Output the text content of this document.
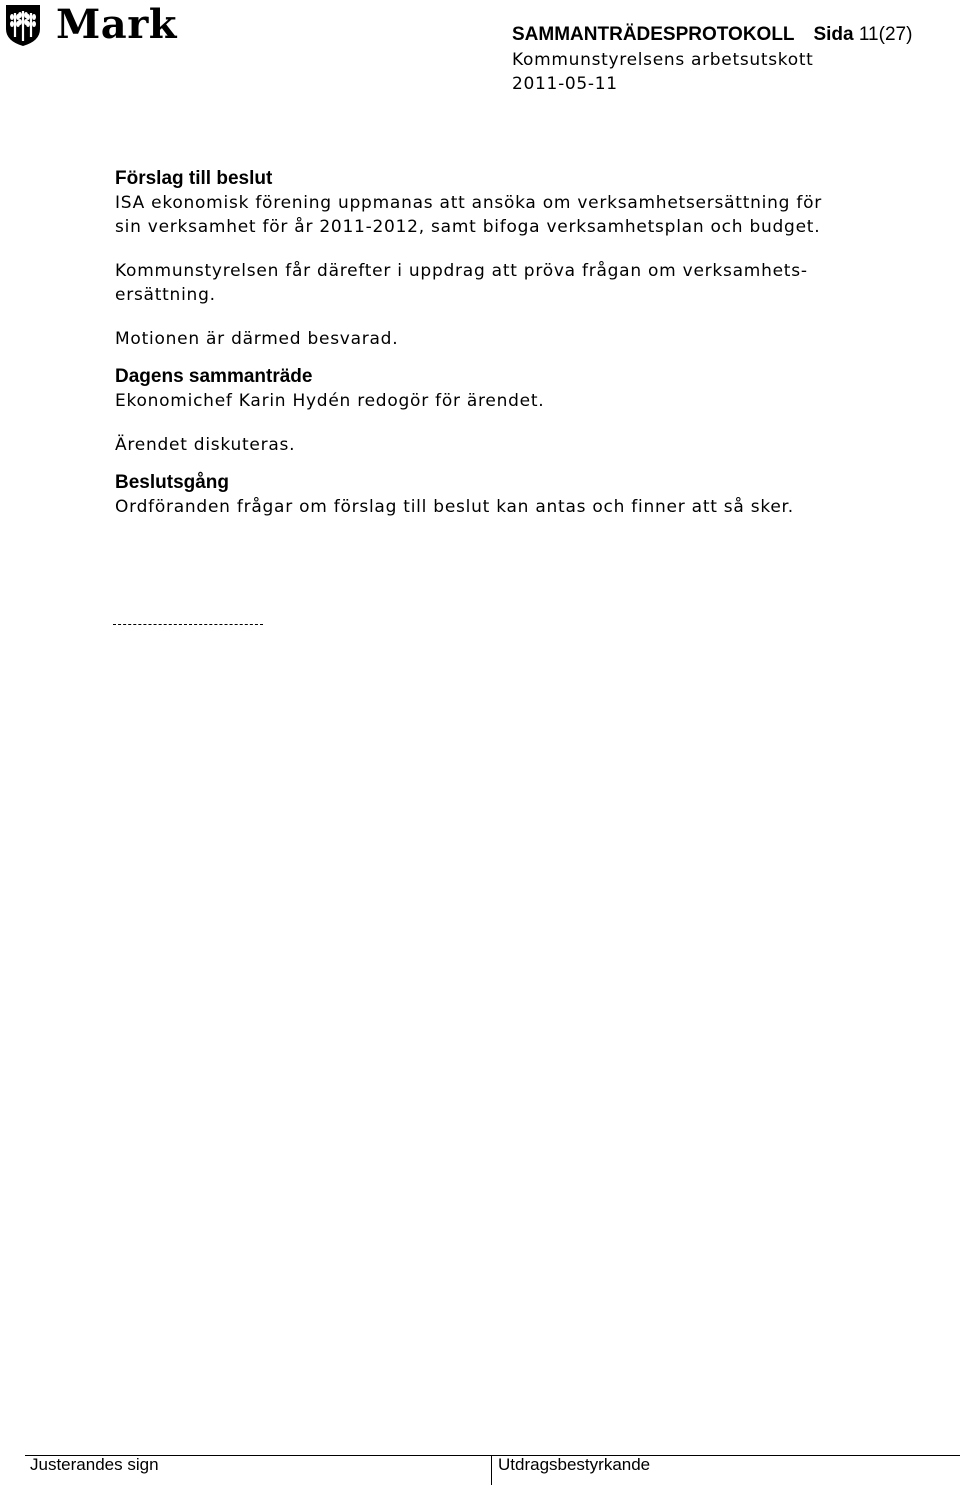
Mark	SAMMANTRÄDESPROTOKOLL Sida 11(27)
Kommunstyrelsens arbetsutskott
2011-05-11
Förslag till beslut
ISA ekonomisk förening uppmanas att ansöka om verksamhetsersättning för
sin verksamhet för år 2011-2012, samt bifoga verksamhetsplan och budget.
Kommunstyrelsen får därefter i uppdrag att pröva frågan om verksamhets-
ersättning.
Motionen är därmed besvarad.
Dagens sammanträde
Ekonomichef Karin Hydén redogör för ärendet.
Ärendet diskuteras.
Beslutsgång
Ordföranden frågar om förslag till beslut kan antas och finner att så sker.
Justerandes sign	Utdragsbestyrkande
